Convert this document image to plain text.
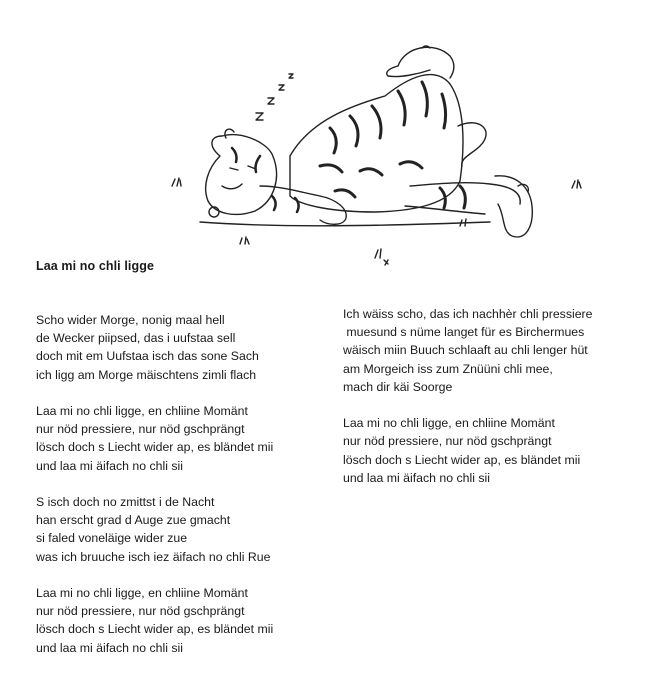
Laa mi no chli ligge
Scho wider Morge, nonig maal hell
de Wecker piipsed, das i uufstaa sell
doch mit em Uufstaa isch das sone Sach
ich ligg am Morge mäischtens zimli flach
Laa mi no chli ligge, en chliine Momänt
nur nöd pressiere, nur nöd gschprängt
lösch doch s Liecht wider ap, es bländet mii
und laa mi äifach no chli sii
S isch doch no zmittst i de Nacht
han erscht grad d Auge zue gmacht
si faled voneläige wider zue
was ich bruuche isch iez äifach no chli Rue
Laa mi no chli ligge, en chliine Momänt
nur nöd pressiere, nur nöd gschprängt
lösch doch s Liecht wider ap, es bländet mii
und laa mi äifach no chli sii
Ich wäiss scho, das ich nachhèr chli pressiere
muesund s nüme langet für es Birchermues
wäisch miin Buuch schlaaft au chli lenger hüt
am Morgeich iss zum Znüüni chli mee,
mach dir käi Soorge
Laa mi no chli ligge, en chliine Momänt
nur nöd pressiere, nur nöd gschprängt
lösch doch s Liecht wider ap, es bländet mii
und laa mi äifach no chli sii
